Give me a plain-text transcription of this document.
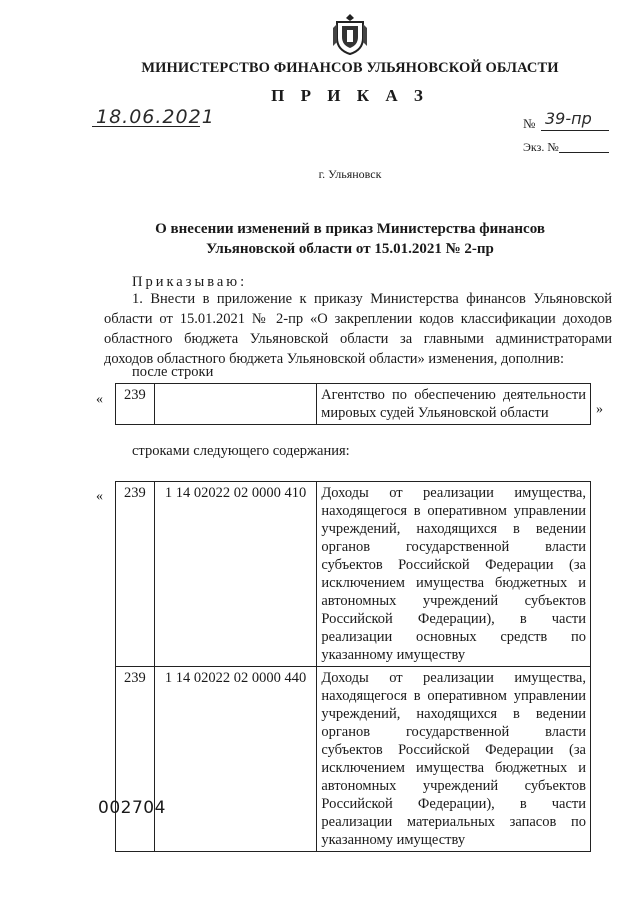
МИНИСТЕРСТВО ФИНАНСОВ УЛЬЯНОВСКОЙ ОБЛАСТИ
П Р И К А З
18.06.2021	№ 39-пр
Экз. №
г. Ульяновск
О внесении изменений в приказ Министерства финансов
Ульяновской области от 15.01.2021 № 2-пр
Приказываю:
1. Внести в приложение к приказу Министерства финансов Ульяновской области от 15.01.2021 № 2-пр «О закреплении кодов классификации доходов областного бюджета Ульяновской области за главными администраторами доходов областного бюджета Ульяновской области» изменения, дополнив:
после строки
« 239		Агентство по обеспечению деятельности мировых судей Ульяновской области	»
строками следующего содержания:
« 239	1 14 02022 02 0000 410	Доходы от реализации имущества, находящегося в оперативном управлении учреждений, находящихся в ведении органов государственной власти субъектов Российской Федерации (за исключением имущества бюджетных и автономных учреждений субъектов Российской Федерации), в части реализации основных средств по указанному имуществу
239	1 14 02022 02 0000 440	Доходы от реализации имущества, находящегося в оперативном управлении учреждений, находящихся в ведении органов государственной власти субъектов Российской Федерации (за исключением имущества бюджетных и автономных учреждений субъектов Российской Федерации), в части реализации материальных запасов по указанному имуществу
002704
